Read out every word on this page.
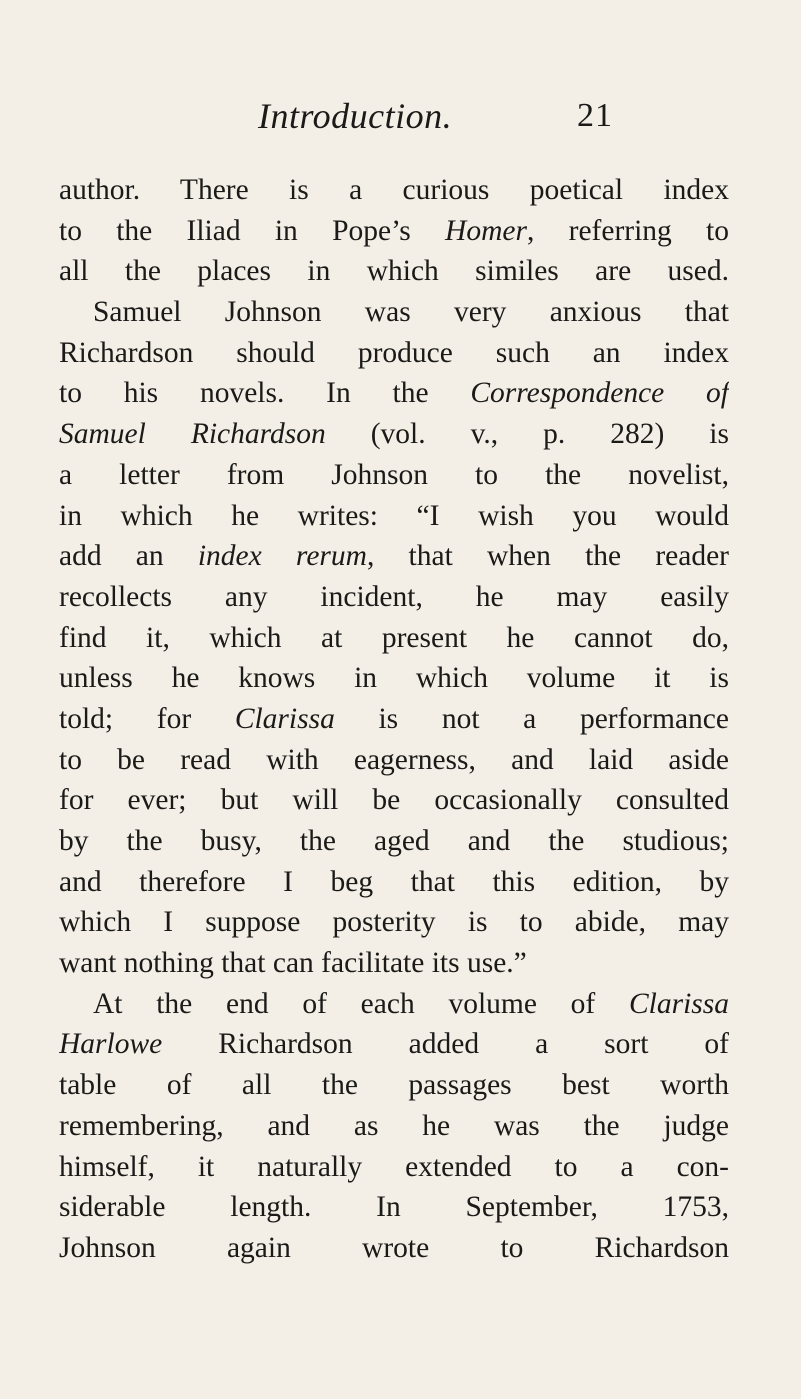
Introduction.	21
author. There is a curious poetical index
to the Iliad in Pope’s Homer, referring to
all the places in which similes are used.
Samuel Johnson was very anxious that
Richardson should produce such an index
to his novels. In the Correspondence of
Samuel Richardson (vol. v., p. 282) is
a letter from Johnson to the novelist,
in which he writes: “I wish you would
add an index rerum, that when the reader
recollects any incident, he may easily
find it, which at present he cannot do,
unless he knows in which volume it is
told; for Clarissa is not a performance
to be read with eagerness, and laid aside
for ever; but will be occasionally consulted
by the busy, the aged and the studious;
and therefore I beg that this edition, by
which I suppose posterity is to abide, may
want nothing that can facilitate its use.”
At the end of each volume of Clarissa
Harlowe Richardson added a sort of
table of all the passages best worth
remembering, and as he was the judge
himself, it naturally extended to a con-
siderable length. In September, 1753,
Johnson again wrote to Richardson
